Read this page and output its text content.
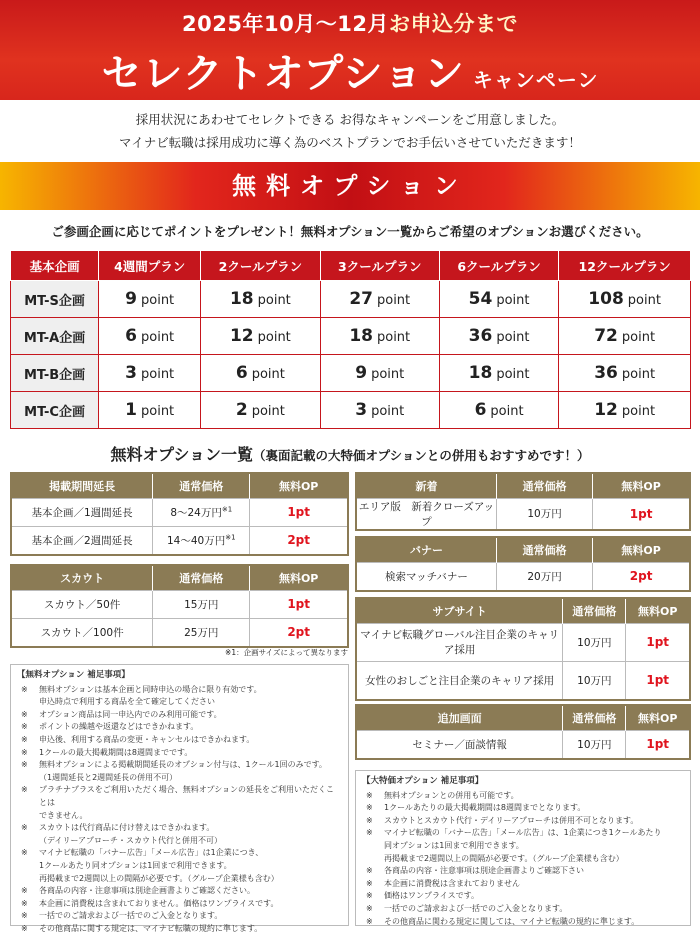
2025年10月〜12月お申込分まで
セレクトオプション キャンペーン
採用状況にあわせてセレクトできる お得なキャンペーンをご用意しました。
マイナビ転職は採用成功に導く為のベストプランでお手伝いさせていただきます！
無料オプション
ご参画企画に応じてポイントをプレゼント！無料オプション一覧からご希望のオプションお選びください。
基本企画	4週間プラン	2クールプラン	3クールプラン	6クールプラン	12クールプラン
MT-S企画	9 point	18 point	27 point	54 point	108 point
MT-A企画	6 point	12 point	18 point	36 point	72 point
MT-B企画	3 point	6 point	9 point	18 point	36 point
MT-C企画	1 point	2 point	3 point	6 point	12 point
無料オプション一覧（裏面記載の大特価オプションとの併用もおすすめです！）
掲載期間延長	通常価格	無料OP
基本企画／1週間延長	8〜24万円$^{※1}$	1pt
基本企画／2週間延長	14〜40万円$^{※1}$	2pt
スカウト	通常価格	無料OP
スカウト／50件	15万円	1pt
スカウト／100件	25万円	2pt
※1：企画サイズによって異なります
新着	通常価格	無料OP
エリア版　新着クローズアップ	10万円	1pt
バナー	通常価格	無料OP
検索マッチバナー	20万円	2pt
サブサイト	通常価格	無料OP
マイナビ転職グローバル注目企業のキャリア採用	10万円	1pt
女性のおしごと注目企業のキャリア採用	10万円	1pt
追加画面	通常価格	無料OP
セミナー／面談情報	10万円	1pt
【無料オプション 補足事項】

※ 無料オプションは基本企画と同時申込の場合に限り有効です。
申込時点で利用する商品を全て確定してください

※ オプション商品は同一申込内でのみ利用可能です。

※ ポイントの繰越や返還などはできかねます。

※ 申込後、利用する商品の変更・キャンセルはできかねます。

※ 1クールの最大掲載期間は8週間までです。

※ 無料オプションによる掲載期間延長のオプション付与は、1クール1回のみです。
（1週間延長と2週間延長の併用不可）

※ プラチナプラスをご利用いただく場合、無料オプションの延長をご利用いただくことは
できません。

※ スカウトは代行商品に付け替えはできかねます。
（デイリーアプローチ・スカウト代行と併用不可）

※ マイナビ転職の「バナー広告」「メール広告」は1企業につき、
1クールあたり同オプションは1回まで利用できます。
再掲載まで2週間以上の間隔が必要です。（グループ企業様も含む）

※ 各商品の内容・注意事項は別途企画書よりご確認ください。

※ 本企画に消費税は含まれておりません。価格はワンプライスです。

※ 一括でのご請求および一括でのご入金となります。

※ その他商品に関する規定は、マイナビ転職の規約に準じます。

【大特価オプション 補足事項】

※ 無料オプションとの併用も可能です。

※ 1クールあたりの最大掲載期間は8週間までとなります。

※ スカウトとスカウト代行・デイリーアプローチは併用不可となります。

※ マイナビ転職の「バナー広告」「メール広告」は、1企業につき1クールあたり
同オプションは1回まで利用できます。
再掲載まで2週間以上の間隔が必要です。（グループ企業様も含む）

※ 各商品の内容・注意事項は別途企画書よりご確認下さい

※ 本企画に消費税は含まれておりません

※ 価格はワンプライスです。

※ 一括でのご請求および一括でのご入金となります。

※ その他商品に関わる規定に関しては、マイナビ転職の規約に準じます。
